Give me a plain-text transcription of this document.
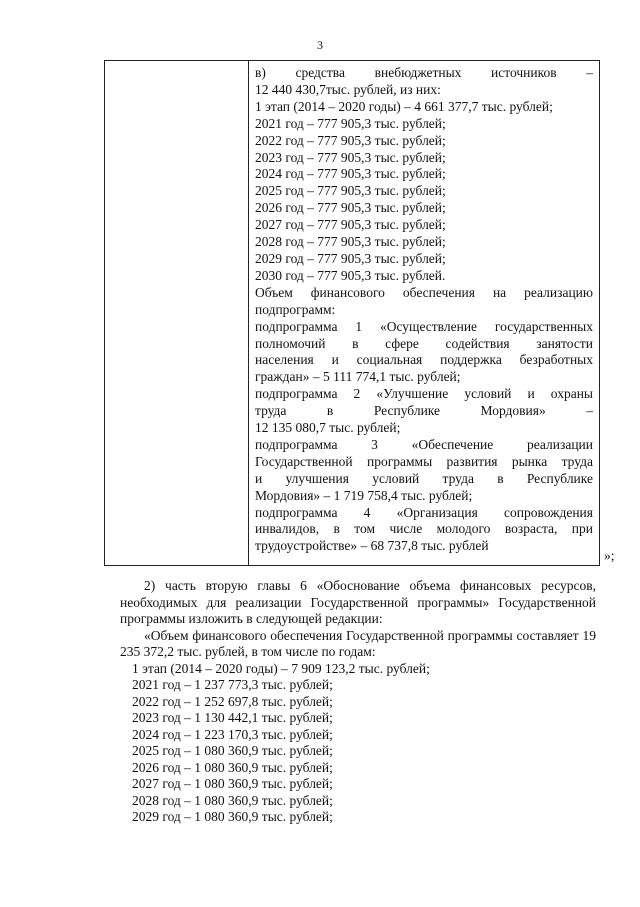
3
в) средства внебюджетных источников –
12 440 430,7тыс. рублей, из них:
1 этап (2014 – 2020 годы) – 4 661 377,7 тыс. рублей;
2021 год – 777 905,3 тыс. рублей;
2022 год – 777 905,3 тыс. рублей;
2023 год – 777 905,3 тыс. рублей;
2024 год – 777 905,3 тыс. рублей;
2025 год – 777 905,3 тыс. рублей;
2026 год – 777 905,3 тыс. рублей;
2027 год – 777 905,3 тыс. рублей;
2028 год – 777 905,3 тыс. рублей;
2029 год – 777 905,3 тыс. рублей;
2030 год – 777 905,3 тыс. рублей.
Объем финансового обеспечения на реализацию
подпрограмм:
подпрограмма 1 «Осуществление государственных
полномочий в сфере содействия занятости
населения и социальная поддержка безработных
граждан» – 5 111 774,1 тыс. рублей;
подпрограмма 2 «Улучшение условий и охраны
труда в Республике Мордовия» –
12 135 080,7 тыс. рублей;
подпрограмма 3 «Обеспечение реализации
Государственной программы развития рынка труда
и улучшения условий труда в Республике
Мордовия» – 1 719 758,4 тыс. рублей;
подпрограмма 4 «Организация сопровождения
инвалидов, в том числе молодого возраста, при
трудоустройстве» – 68 737,8 тыс. рублей
»;
2) часть вторую главы 6 «Обоснование объема финансовых ресурсов, необходимых для реализации Государственной программы» Государственной программы изложить в следующей редакции:
«Объем финансового обеспечения Государственной программы составляет 19 235 372,2 тыс. рублей, в том числе по годам:
1 этап (2014 – 2020 годы) – 7 909 123,2 тыс. рублей;
2021 год – 1 237 773,3 тыс. рублей;
2022 год – 1 252 697,8 тыс. рублей;
2023 год – 1 130 442,1 тыс. рублей;
2024 год – 1 223 170,3 тыс. рублей;
2025 год – 1 080 360,9 тыс. рублей;
2026 год – 1 080 360,9 тыс. рублей;
2027 год – 1 080 360,9 тыс. рублей;
2028 год – 1 080 360,9 тыс. рублей;
2029 год – 1 080 360,9 тыс. рублей;
